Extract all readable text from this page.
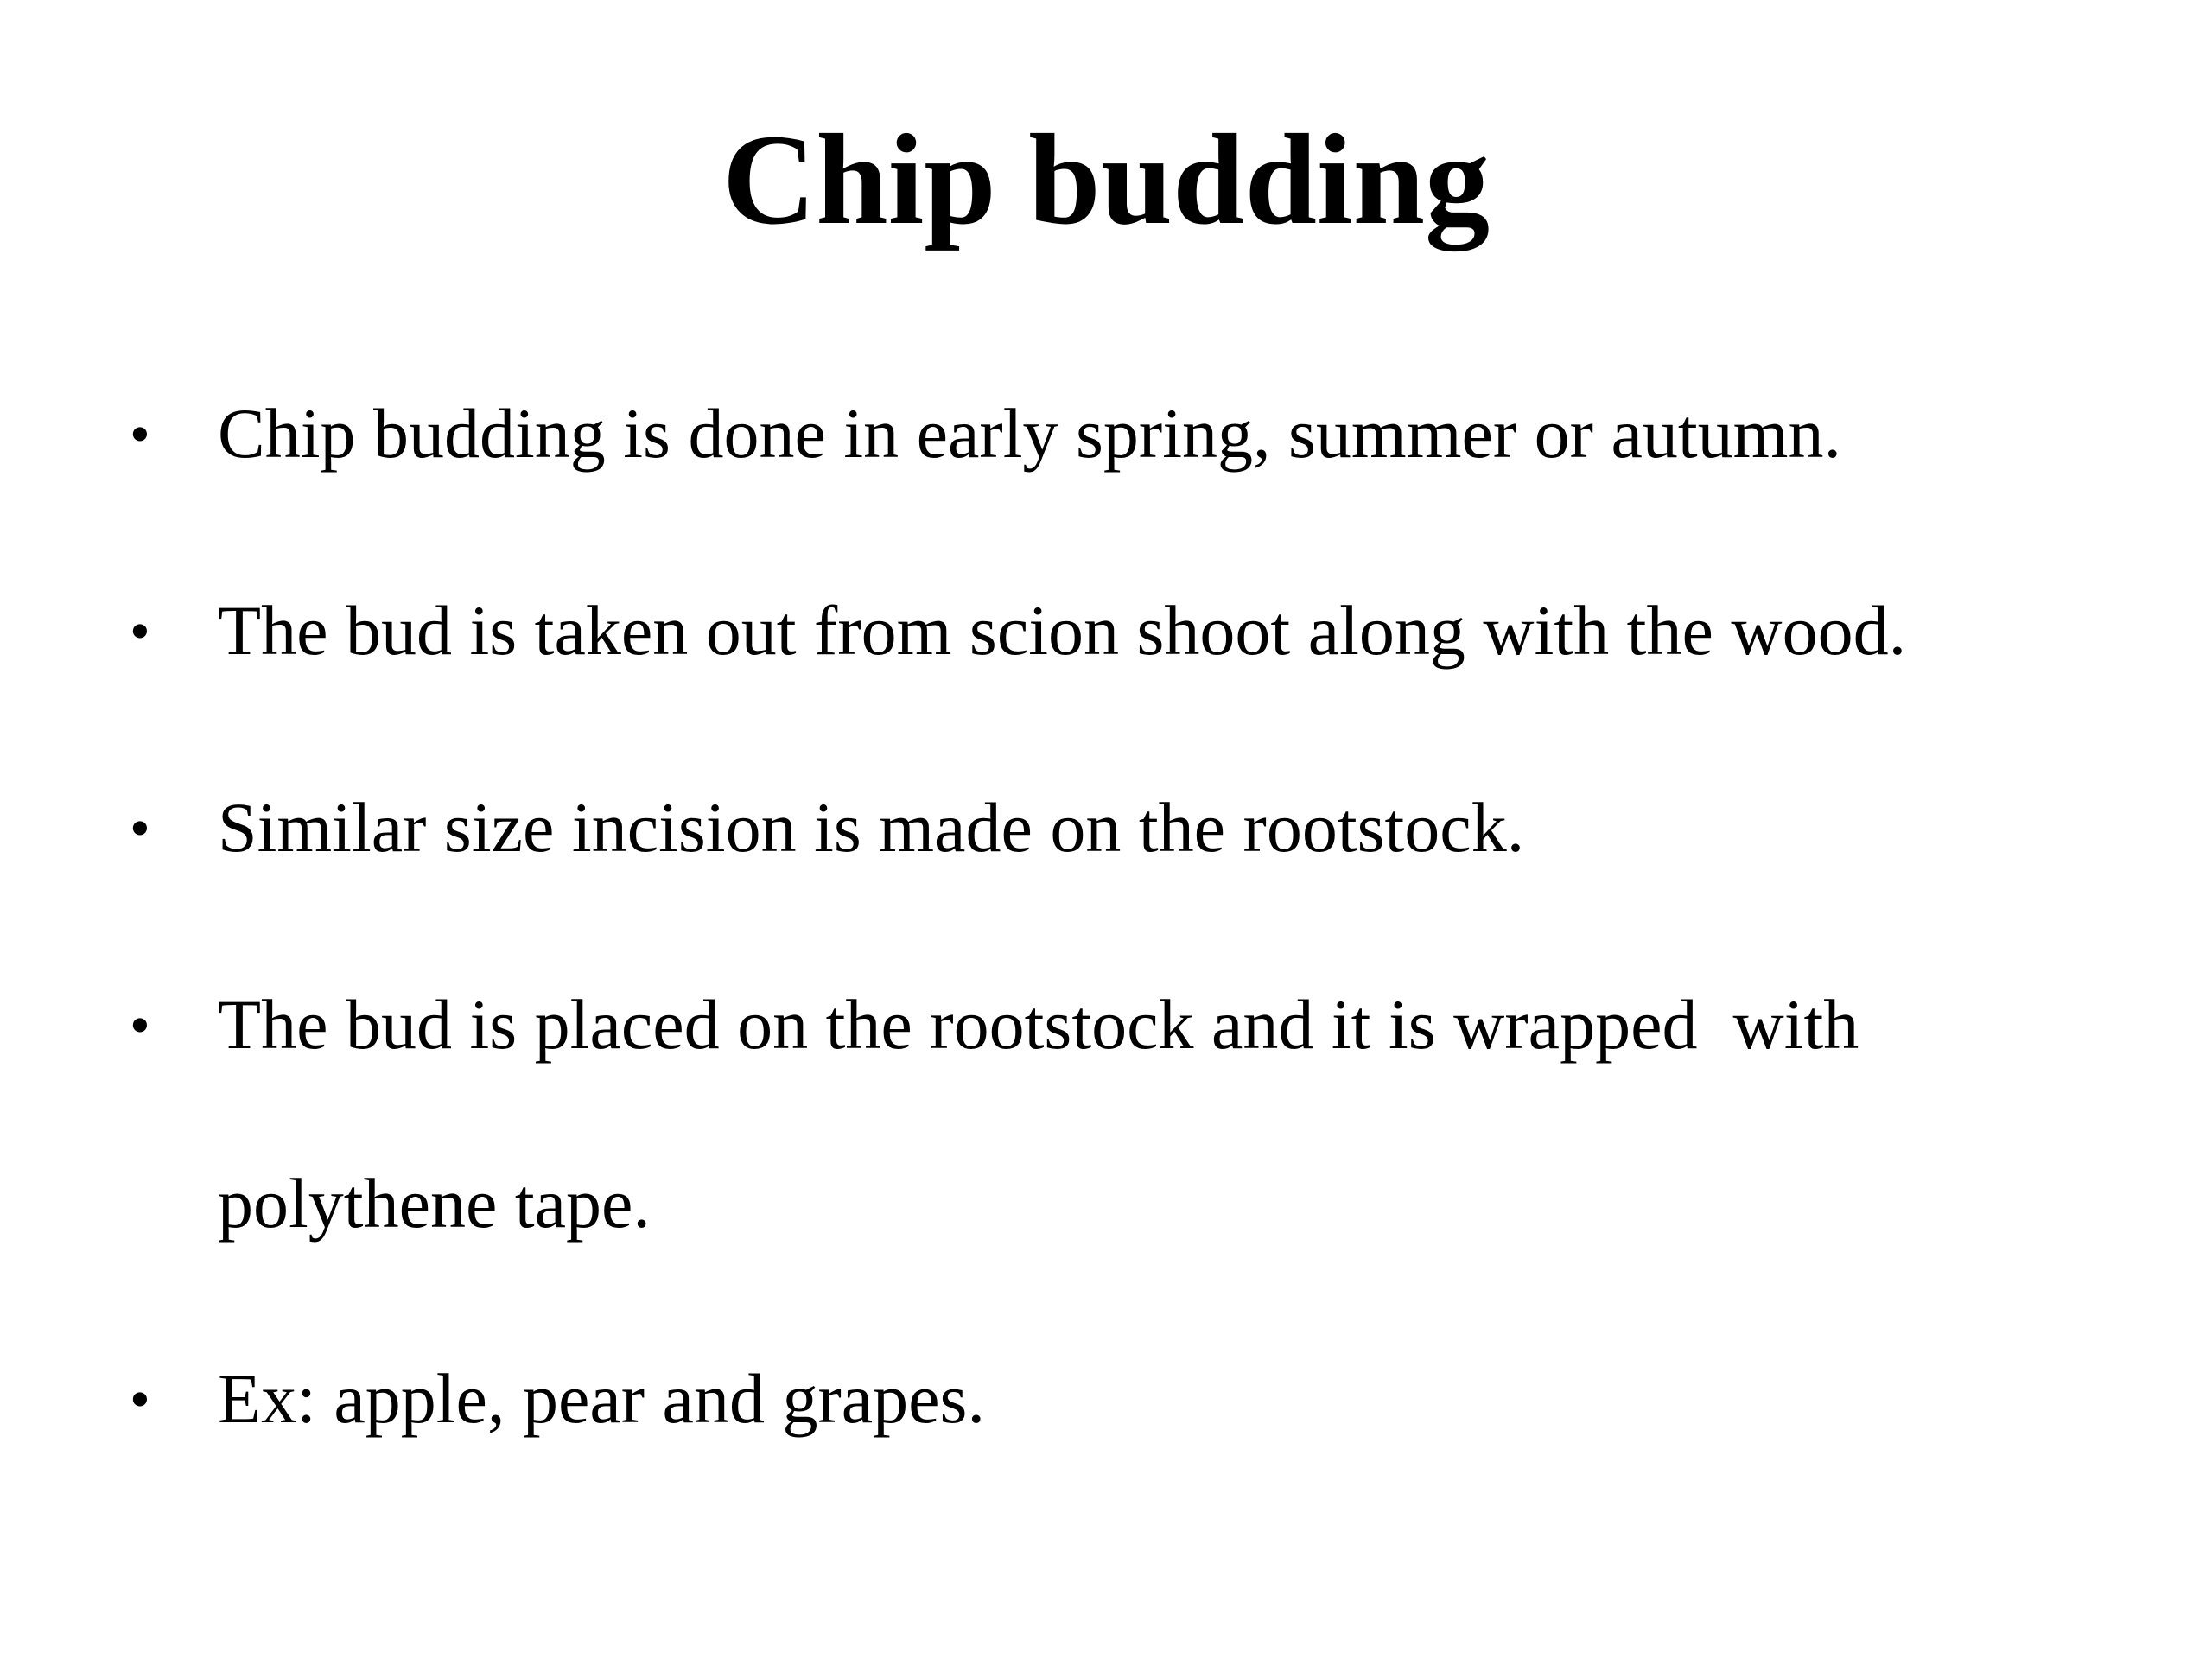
Chip budding
• Chip budding is done in early spring, summer or autumn.
• The bud is taken out from scion shoot along with the wood.
• Similar size incision is made on the rootstock.
• The bud is placed on the rootstock and it is wrapped  with
polythene tape.
• Ex: apple, pear and grapes.
